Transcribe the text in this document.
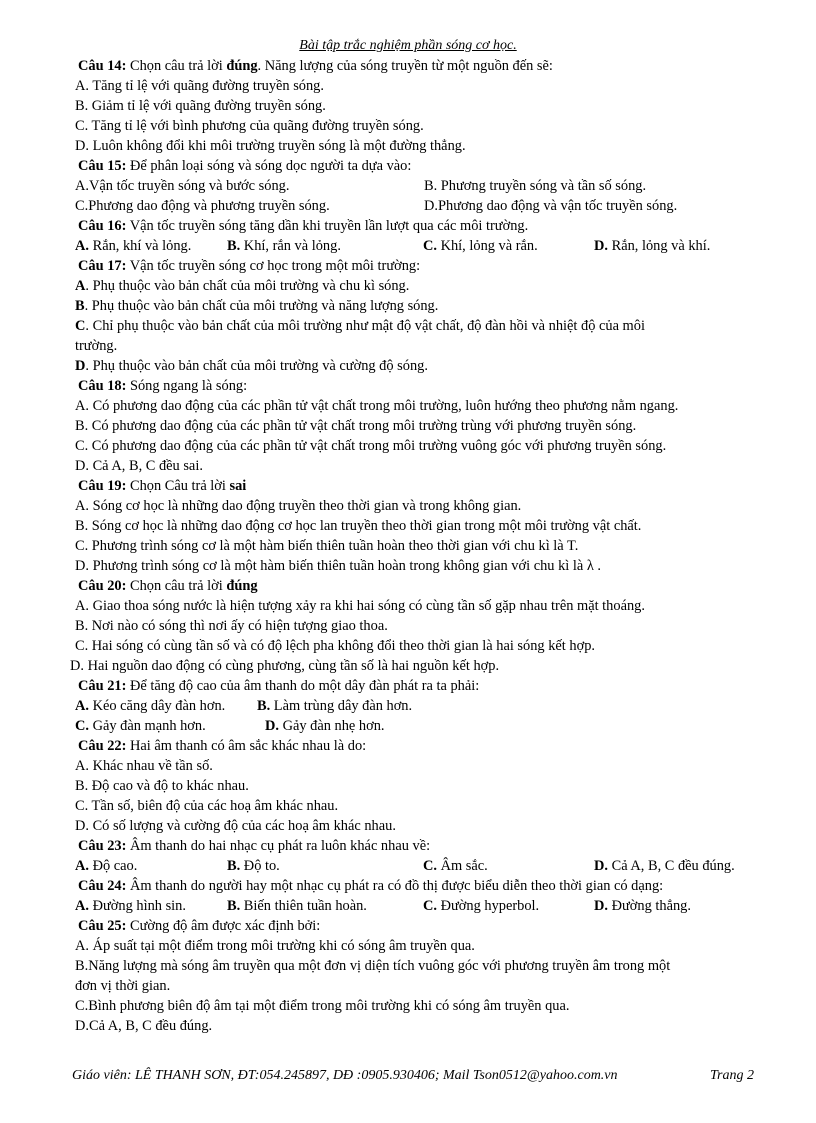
Bài tập trắc nghiệm phần sóng cơ học.
Câu 14: Chọn câu trả lời đúng. Năng lượng của sóng truyền từ một nguồn đến sẽ:
A. Tăng tỉ lệ với quãng đường truyền sóng.
B. Giảm tỉ lệ với quãng đường truyền sóng.
C. Tăng tỉ lệ với bình phương của quãng đường truyền sóng.
D. Luôn không đổi khi môi trường truyền sóng là một đường thẳng.
Câu 15: Để phân loại sóng và sóng dọc người ta dựa vào:
A.Vận tốc truyền sóng và bước sóng.	B. Phương truyền sóng và tần số sóng.
C.Phương dao động và phương truyền sóng.	D.Phương dao động và vận tốc truyền sóng.
Câu 16: Vận tốc truyền sóng tăng dần khi truyền lần lượt qua các môi trường.
A. Rắn, khí và lỏng.	B. Khí, rắn và lỏng.	C. Khí, lỏng và rắn.	D. Rắn, lỏng và khí.
Câu 17: Vận tốc truyền sóng cơ học trong một môi trường:
A. Phụ thuộc vào bản chất của môi trường và chu kì sóng.
B. Phụ thuộc vào bản chất của môi trường và năng lượng sóng.
C. Chỉ phụ thuộc vào bản chất của môi trường như mật độ vật chất, độ đàn hồi và nhiệt độ của môi
trường.
D. Phụ thuộc vào bản chất của môi trường và cường độ sóng.
Câu 18: Sóng ngang là sóng:
A. Có phương dao động của các phần tử vật chất trong môi trường, luôn hướng theo phương nằm ngang.
B. Có phương dao động của các phần tử vật chất trong môi trường trùng với phương truyền sóng.
C. Có phương dao động của các phần tử vật chất trong môi trường vuông góc với phương truyền sóng.
D. Cả A, B, C đều sai.
Câu 19: Chọn Câu trả lời sai
A. Sóng cơ học là những dao động truyền theo thời gian và trong không gian.
B. Sóng cơ học là những dao động cơ học lan truyền theo thời gian trong một môi trường vật chất.
C. Phương trình sóng cơ là một hàm biến thiên tuần hoàn theo thời gian với chu kì là T.
D. Phương trình sóng cơ là một hàm biến thiên tuần hoàn trong không gian với chu kì là λ .
Câu 20: Chọn câu trả lời đúng
A. Giao thoa sóng nước là hiện tượng xảy ra khi hai sóng có cùng tần số gặp nhau trên mặt thoáng.
B. Nơi nào có sóng thì nơi ấy có hiện tượng giao thoa.
C. Hai sóng có cùng tần số và có độ lệch pha không đổi theo thời gian là hai sóng kết hợp.
D. Hai nguồn dao động có cùng phương, cùng tần số là hai nguồn kết hợp.
Câu 21: Để tăng độ cao của âm thanh do một dây đàn phát ra ta phải:
A. Kéo căng dây đàn hơn. B. Làm trùng dây đàn hơn.
C. Gảy đàn mạnh hơn.	D. Gảy đàn nhẹ hơn.
Câu 22: Hai âm thanh có âm sắc khác nhau là do:
A. Khác nhau về tần số.
B. Độ cao và độ to khác nhau.
C. Tần số, biên độ của các hoạ âm khác nhau.
D. Có số lượng và cường độ của các hoạ âm khác nhau.
Câu 23: Âm thanh do hai nhạc cụ phát ra luôn khác nhau về:
A. Độ cao.	B. Độ to.	C. Âm sắc.	D. Cả A, B, C đều đúng.
Câu 24: Âm thanh do người hay một nhạc cụ phát ra có đồ thị được biểu diễn theo thời gian có dạng:
A. Đường hình sin.	B. Biến thiên tuần hoàn.	C. Đường hyperbol.	D. Đường thẳng.
Câu 25: Cường độ âm được xác định bởi:
A. Áp suất tại một điểm trong môi trường khi có sóng âm truyền qua.
B.Năng lượng mà sóng âm truyền qua một đơn vị diện tích vuông góc với phương truyền âm trong một
đơn vị thời gian.
C.Bình phương biên độ âm tại một điểm trong môi trường khi có sóng âm truyền qua.
D.Cả A, B, C đều đúng.
Giáo viên: LÊ THANH SƠN, ĐT:054.245897, DĐ :0905.930406; Mail Tson0512@yahoo.com.vn	Trang 2
